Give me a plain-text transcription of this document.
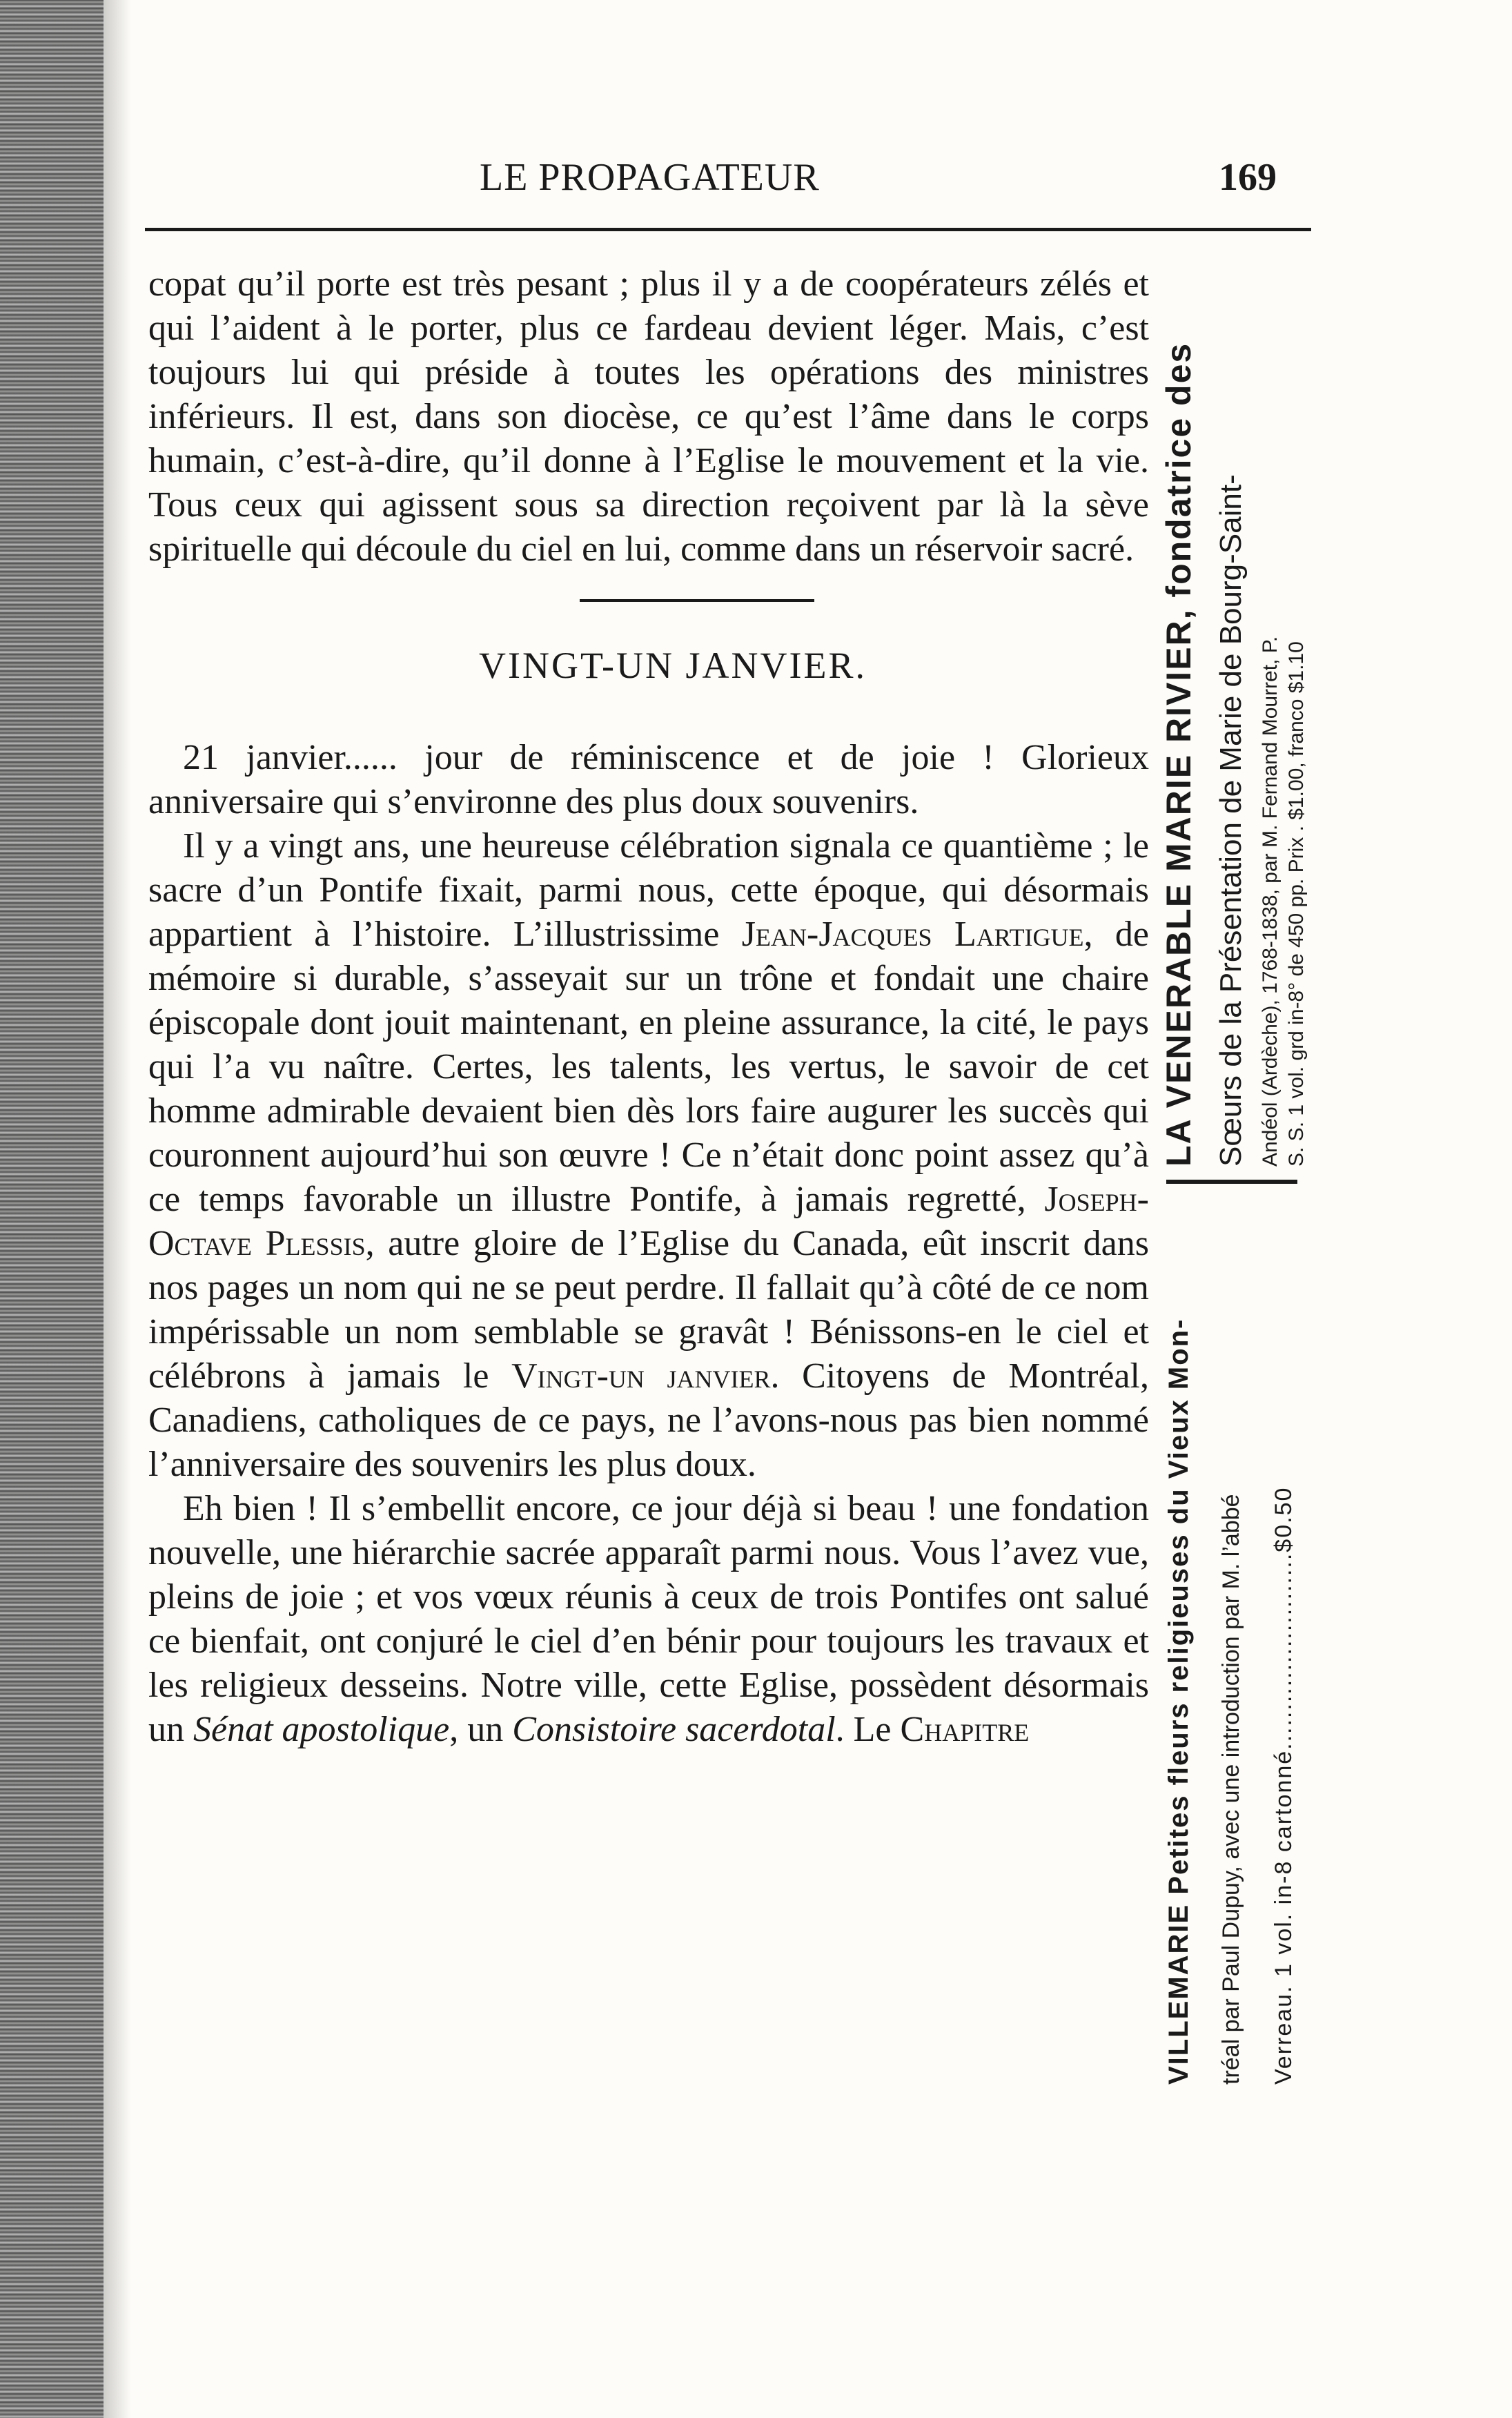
LE PROPAGATEUR	169

copat qu’il porte est très pesant ; plus il y a de coopérateurs zélés et qui l’aident à le porter, plus ce fardeau devient léger. Mais, c’est toujours lui qui préside à toutes les opérations des ministres inférieurs. Il est, dans son diocèse, ce qu’est l’âme dans le corps humain, c’est-à-dire, qu’il donne à l’Eglise le mouvement et la vie. Tous ceux qui agissent sous sa direction reçoivent par là la sève spirituelle qui découle du ciel en lui, comme dans un réservoir sacré.

VINGT-UN JANVIER.

21 janvier...... jour de réminiscence et de joie ! Glorieux anniversaire qui s’environne des plus doux souvenirs.

Il y a vingt ans, une heureuse célébration signala ce quantième ; le sacre d’un Pontife fixait, parmi nous, cette époque, qui désormais appartient à l’histoire. L’illustrissime Jean-Jacques Lartigue, de mémoire si durable, s’asseyait sur un trône et fondait une chaire épiscopale dont jouit maintenant, en pleine assurance, la cité, le pays qui l’a vu naître. Certes, les talents, les vertus, le savoir de cet homme admirable devaient bien dès lors faire augurer les succès qui couronnent aujourd’hui son œuvre ! Ce n’était donc point assez qu’à ce temps favorable un illustre Pontife, à jamais regretté, Joseph-Octave Plessis, autre gloire de l’Eglise du Canada, eût inscrit dans nos pages un nom qui ne se peut perdre. Il fallait qu’à côté de ce nom impérissable un nom semblable se gravât ! Bénissons-en le ciel et célébrons à jamais le Vingt-un janvier. Citoyens de Montréal, Canadiens, catholiques de ce pays, ne l’avons-nous pas bien nommé l’anniversaire des souvenirs les plus doux.

Eh bien ! Il s’embellit encore, ce jour déjà si beau ! une fondation nouvelle, une hiérarchie sacrée apparaît parmi nous. Vous l’avez vue, pleins de joie ; et vos vœux réunis à ceux de trois Pontifes ont salué ce bienfait, ont conjuré le ciel d’en bénir pour toujours les travaux et les religieux desseins. Notre ville, cette Eglise, possèdent désormais un Sénat apostolique, un Consistoire sacerdotal. Le Chapitre

LA VENERABLE MARIE RIVIER, fondatrice des Sœurs de la Présentation de Marie de Bourg-Saint- Andéol (Ardèche), 1768-1838, par M. Fernand Mourret, P. S. S. 1 vol. grd in-8° de 450 pp. Prix . $1.00, franco $1.10
VILLEMARIE Petites fleurs religieuses du Vieux Mon-	tréal par Paul Dupuy, avec une introduction par M. l’abbé	Verreau. 1 vol. in-8 cartonné.........................$0.50
